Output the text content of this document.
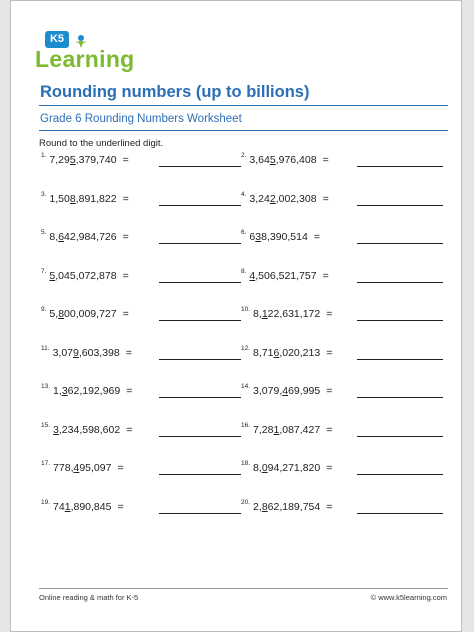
K5
Learning
Rounding numbers (up to billions)
Grade 6 Rounding Numbers Worksheet
Round to the underlined digit.
$^{1.}$ 7,295,379,740 =	$^{2.}$ 3,645,976,408 =
$^{3.}$ 1,508,891,822 =	$^{4.}$ 3,242,002,308 =
$^{5.}$ 8,642,984,726 =	$^{6.}$ 638,390,514 =
$^{7.}$ 5,045,072,878 =	$^{8.}$ 4,506,521,757 =
$^{9.}$ 5,800,009,727 =	$^{10.}$ 8,122,631,172 =
$^{11.}$ 3,079,603,398 =	$^{12.}$ 8,716,020,213 =
$^{13.}$ 1,362,192,969 =	$^{14.}$ 3,079,469,995 =
$^{15.}$ 3,234,598,602 =	$^{16.}$ 7,281,087,427 =
$^{17.}$ 778,495,097 =	$^{18.}$ 8,094,271,820 =
$^{19.}$ 741,890,845 =	$^{20.}$ 2,862,189,754 =
Online reading & math for K-5	© www.k5learning.com
